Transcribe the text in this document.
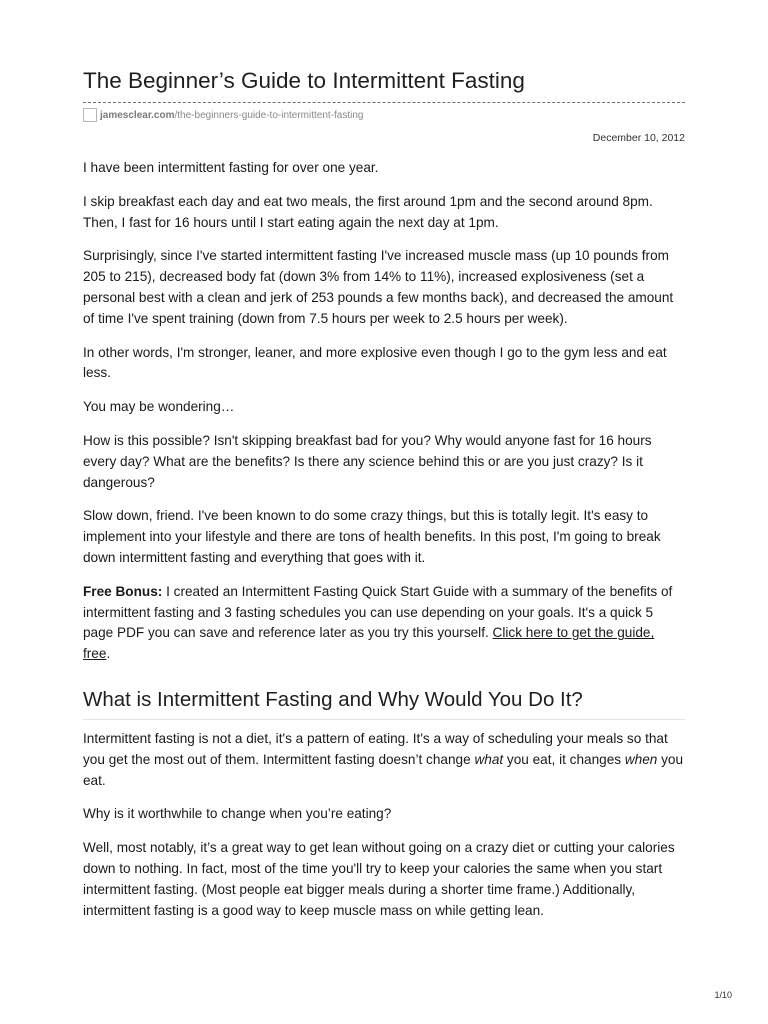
The Beginner’s Guide to Intermittent Fasting
jamesclear.com /the-beginners-guide-to-intermittent-fasting
December 10, 2012

I have been intermittent fasting for over one year.

I skip breakfast each day and eat two meals, the first around 1pm and the second around 8pm. Then, I fast for 16 hours until I start eating again the next day at 1pm.

Surprisingly, since I've started intermittent fasting I've increased muscle mass (up 10 pounds from 205 to 215), decreased body fat (down 3% from 14% to 11%), increased explosiveness (set a personal best with a clean and jerk of 253 pounds a few months back), and decreased the amount of time I've spent training (down from 7.5 hours per week to 2.5 hours per week).

In other words, I'm stronger, leaner, and more explosive even though I go to the gym less and eat less.

You may be wondering…

How is this possible? Isn't skipping breakfast bad for you? Why would anyone fast for 16 hours every day? What are the benefits? Is there any science behind this or are you just crazy? Is it dangerous?

Slow down, friend. I've been known to do some crazy things, but this is totally legit. It's easy to implement into your lifestyle and there are tons of health benefits. In this post, I'm going to break down intermittent fasting and everything that goes with it.

Free Bonus: I created an Intermittent Fasting Quick Start Guide with a summary of the benefits of intermittent fasting and 3 fasting schedules you can use depending on your goals. It's a quick 5 page PDF you can save and reference later as you try this yourself. Click here to get the guide, free.

What is Intermittent Fasting and Why Would You Do It?

Intermittent fasting is not a diet, it's a pattern of eating. It's a way of scheduling your meals so that you get the most out of them. Intermittent fasting doesn’t change what you eat, it changes when you eat.

Why is it worthwhile to change when you’re eating?

Well, most notably, it’s a great way to get lean without going on a crazy diet or cutting your calories down to nothing. In fact, most of the time you'll try to keep your calories the same when you start intermittent fasting. (Most people eat bigger meals during a shorter time frame.) Additionally, intermittent fasting is a good way to keep muscle mass on while getting lean.

1/10
